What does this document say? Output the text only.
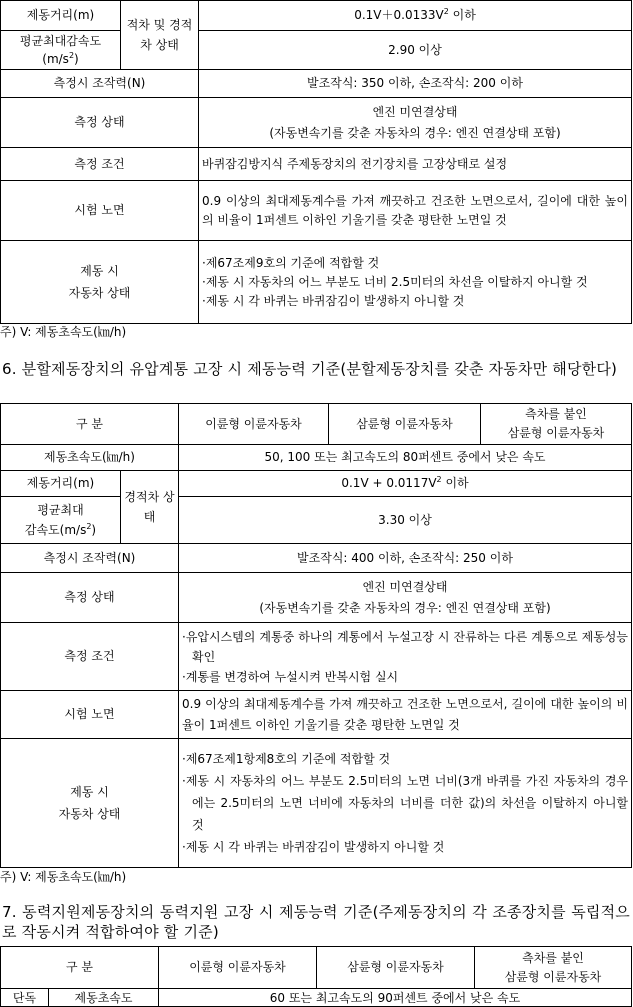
제동거리(m)	적차 및 경적차 상태	$0.1V+0.0133V^2$ 이하
평균최대감속도
$(m/s^2)$		2.90 이상
측정시 조작력(N)		발조작식: 350 이하, 손조작식: 200 이하
측정 상태		엔진 미연결상태
(자동변속기를 갖춘 자동차의 경우: 엔진 연결상태 포함)
측정 조건		바퀴잠김방지식 주제동장치의 전기장치를 고장상태로 설정
시험 노면		0.9 이상의 최대제동계수를 가져 깨끗하고 건조한 노면으로서, 길이에 대한 높이의 비율이 1퍼센트 이하인 기울기를 갖춘 평탄한 노면일 것
제동 시
자동차 상태		·제67조제9호의 기준에 적합할 것
·제동 시 자동차의 어느 부분도 너비 2.5미터의 차선을 이탈하지 아니할 것
·제동 시 각 바퀴는 바퀴잠김이 발생하지 아니할 것

주) V: 제동초속도(㎞/h)

6. 분할제동장치의 유압계통 고장 시 제동능력 기준(분할제동장치를 갖춘 자동차만 해당한다)

구 분		이륜형 이륜자동차	삼륜형 이륜자동차	측차를 붙인
삼륜형 이륜자동차
제동초속도(㎞/h)		50, 100 또는 최고속도의 80퍼센트 중에서 낮은 속도		
제동거리(m)	경적차 상태	$0.1V + 0.0117V^2$ 이하		
평균최대
감속도$(m/s^2)$		3.30 이상		
측정시 조작력(N)		발조작식: 400 이하, 손조작식: 250 이하		
측정 상태		엔진 미연결상태
(자동변속기를 갖춘 자동차의 경우: 엔진 연결상태 포함)		
측정 조건		·유압시스템의 계통중 하나의 계통에서 누설고장 시 잔류하는 다른 계통으로 제동성능 확인
·계통를 변경하여 누설시켜 반복시험 실시		

시험 노면		0.9 이상의 최대제동계수를 가져 깨끗하고 건조한 노면으로서, 길이에 대한 높이의 비율이 1퍼센트 이하인 기울기를 갖춘 평탄한 노면일 것		
제동 시
자동차 상태		·제67조제1항제8호의 기준에 적합할 것
·제동 시 자동차의 어느 부분도 2.5미터의 노면 너비(3개 바퀴를 가진 자동차의 경우에는 2.5미터의 노면 너비에 자동차의 너비를 더한 값)의 차선을 이탈하지 아니할 것
·제동 시 각 바퀴는 바퀴잠김이 발생하지 아니할 것		

주) V: 제동초속도(㎞/h)

7. 동력지원제동장치의 동력지원 고장 시 제동능력 기준(주제동장치의 각 조종장치를 독립적으로 작동시켜 적합하여야 할 기준)

구 분		이륜형 이륜자동차	삼륜형 이륜자동차	측차를 붙인
삼륜형 이륜자동차
단독	제동초속도	60 또는 최고속도의 90퍼센트 중에서 낮은 속도		
